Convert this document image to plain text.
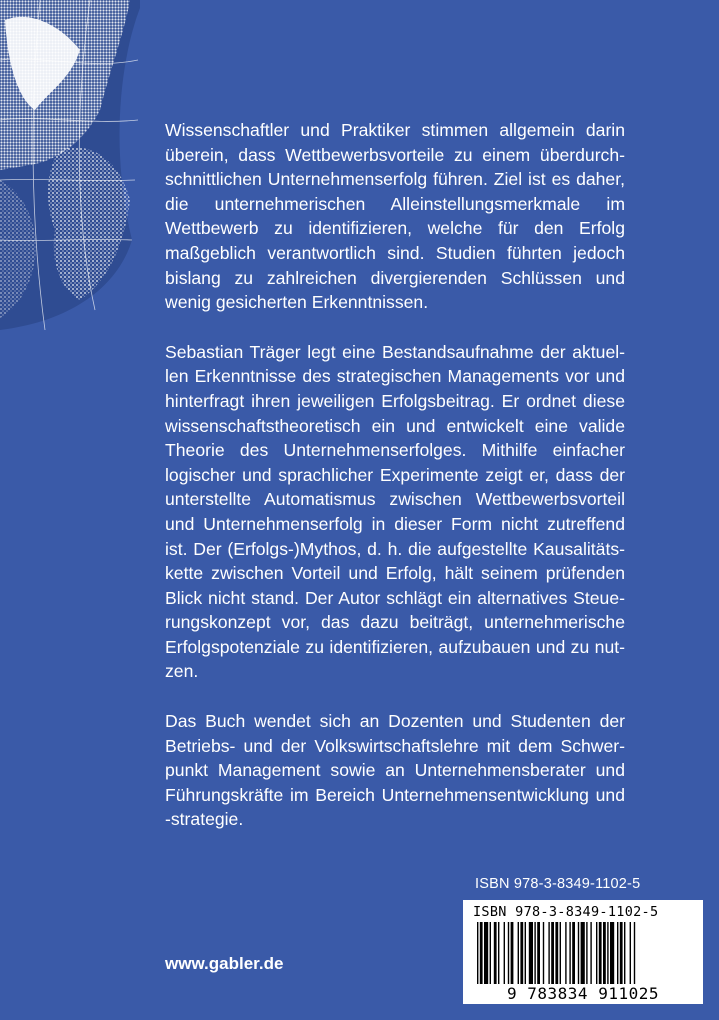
Wissenschaftler und Praktiker stimmen allgemein darin überein, dass Wettbewerbsvorteile zu einem überdurchschnittlichen Unternehmenserfolg führen. Ziel ist es daher, die unternehmerischen Alleinstellungsmerkmale im Wettbewerb zu identifizieren, welche für den Erfolg maßgeblich verantwortlich sind. Studien führten jedoch bislang zu zahlreichen divergierenden Schlüssen und wenig gesicherten Erkenntnissen.

Sebastian Träger legt eine Bestandsaufnahme der aktuellen Erkenntnisse des strategischen Managements vor und hinterfragt ihren jeweiligen Erfolgsbeitrag. Er ordnet diese wissenschaftstheoretisch ein und entwickelt eine valide Theorie des Unternehmenserfolges. Mithilfe einfacher logischer und sprachlicher Experimente zeigt er, dass der unterstellte Automatismus zwischen Wettbewerbsvorteil und Unternehmenserfolg in dieser Form nicht zutreffend ist. Der (Erfolgs-)Mythos, d. h. die aufgestellte Kausalitätskette zwischen Vorteil und Erfolg, hält seinem prüfenden Blick nicht stand. Der Autor schlägt ein alternatives Steuerungskonzept vor, das dazu beiträgt, unternehmerische Erfolgspotenziale zu identifizieren, aufzubauen und zu nutzen.

Das Buch wendet sich an Dozenten und Studenten der Betriebs- und der Volkswirtschaftslehre mit dem Schwerpunkt Management sowie an Unternehmensberater und Führungskräfte im Bereich Unternehmensentwicklung und -strategie.

ISBN 978-3-8349-1102-5
ISBN 978-3-8349-1102-5
9 783834 911025
www.gabler.de
